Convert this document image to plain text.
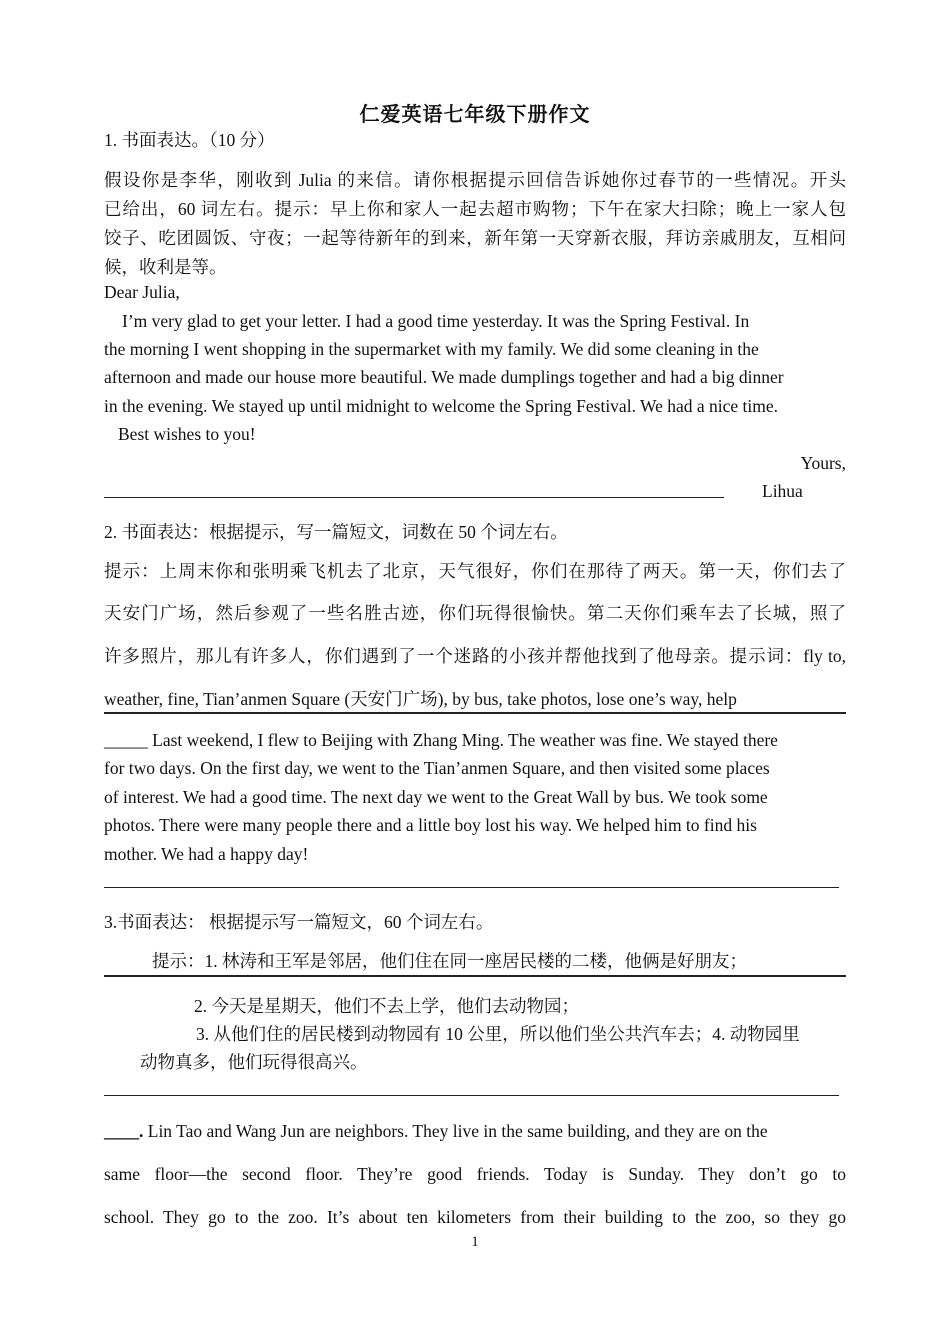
仁爱英语七年级下册作文
1. 书面表达。（10 分）
假设你是李华，刚收到 Julia 的来信。请你根据提示回信告诉她你过春节的一些情况。开头
已给出，60 词左右。提示：早上你和家人一起去超市购物；下午在家大扫除；晚上一家人包
饺子、吃团圆饭、守夜；一起等待新年的到来，新年第一天穿新衣服，拜访亲戚朋友，互相问
候，收利是等。
Dear Julia,
I’m very glad to get your letter. I had a good time yesterday. It was the Spring Festival. In
the morning I went shopping in the supermarket with my family. We did some cleaning in the
afternoon and made our house more beautiful. We made dumplings together and had a big dinner
in the evening. We stayed up until midnight to welcome the Spring Festival. We had a nice time.
Best wishes to you!
Yours,
Lihua
2. 书面表达：根据提示，写一篇短文，词数在 50 个词左右。
提示：上周末你和张明乘飞机去了北京，天气很好，你们在那待了两天。第一天，你们去了
天安门广场，然后参观了一些名胜古迹，你们玩得很愉快。第二天你们乘车去了长城，照了
许多照片，那儿有许多人，你们遇到了一个迷路的小孩并帮他找到了他母亲。提示词：fly to,
weather, fine, Tian’anmen Square (天安门广场), by bus, take photos, lose one’s way, help
_____ Last weekend, I flew to Beijing with Zhang Ming. The weather was fine. We stayed there
for two days. On the first day, we went to the Tian’anmen Square, and then visited some places
of interest. We had a good time. The next day we went to the Great Wall by bus. We took some
photos. There were many people there and a little boy lost his way. We helped him to find his
mother. We had a happy day!
3.书面表达： 根据提示写一篇短文，60 个词左右。
提示：1. 林涛和王军是邻居，他们住在同一座居民楼的二楼，他俩是好朋友；
2. 今天是星期天，他们不去上学，他们去动物园；
3. 从他们住的居民楼到动物园有 10 公里，所以他们坐公共汽车去；4. 动物园里
动物真多，他们玩得很高兴。
____. Lin Tao and Wang Jun are neighbors. They live in the same building, and they are on the
same floor—the second floor. They’re good friends. Today is Sunday. They don’t go to
school. They go to the zoo. It’s about ten kilometers from their building to the zoo, so they go
1
